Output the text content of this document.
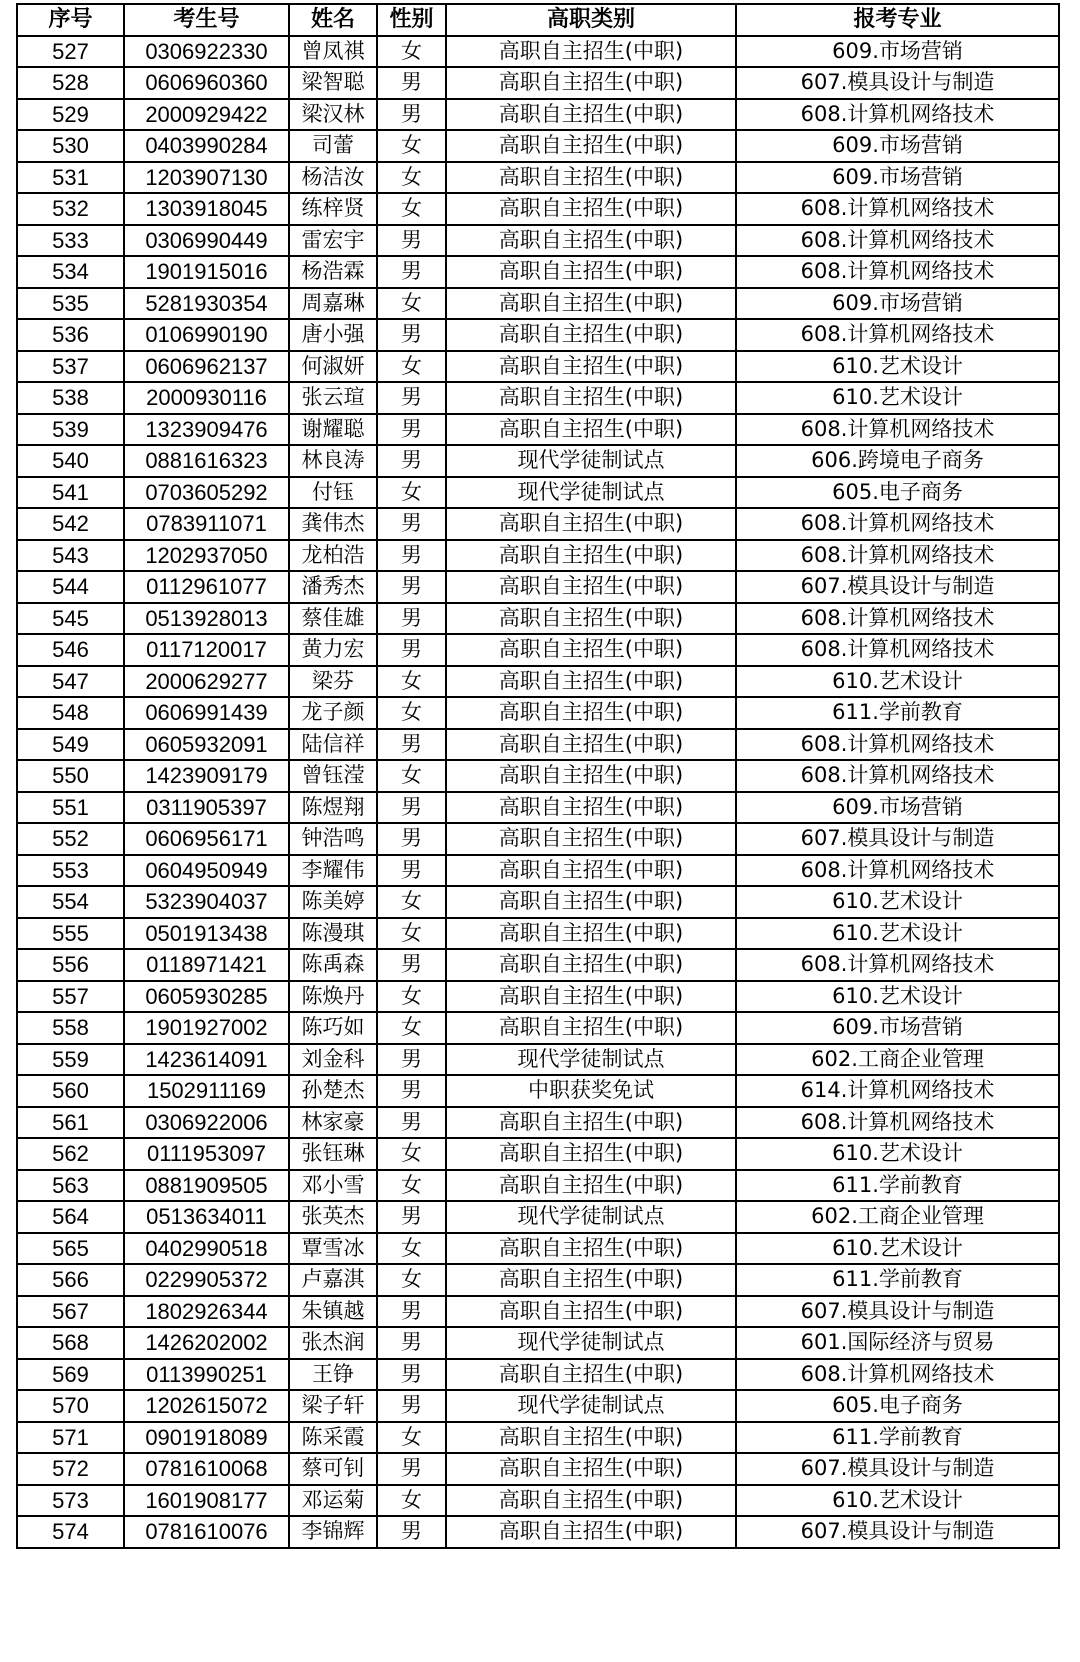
序号	考生号	姓名	性别	高职类别	报考专业
527	0306922330	曾凤祺	女	高职自主招生(中职)	609.市场营销
528	0606960360	梁智聪	男	高职自主招生(中职)	607.模具设计与制造
529	2000929422	梁汉林	男	高职自主招生(中职)	608.计算机网络技术
530	0403990284	司蕾	女	高职自主招生(中职)	609.市场营销
531	1203907130	杨洁汝	女	高职自主招生(中职)	609.市场营销
532	1303918045	练梓贤	女	高职自主招生(中职)	608.计算机网络技术
533	0306990449	雷宏宇	男	高职自主招生(中职)	608.计算机网络技术
534	1901915016	杨浩霖	男	高职自主招生(中职)	608.计算机网络技术
535	5281930354	周嘉琳	女	高职自主招生(中职)	609.市场营销
536	0106990190	唐小强	男	高职自主招生(中职)	608.计算机网络技术
537	0606962137	何淑妍	女	高职自主招生(中职)	610.艺术设计
538	2000930116	张云瑄	男	高职自主招生(中职)	610.艺术设计
539	1323909476	谢耀聪	男	高职自主招生(中职)	608.计算机网络技术
540	0881616323	林良涛	男	现代学徒制试点	606.跨境电子商务
541	0703605292	付钰	女	现代学徒制试点	605.电子商务
542	0783911071	龚伟杰	男	高职自主招生(中职)	608.计算机网络技术
543	1202937050	龙柏浩	男	高职自主招生(中职)	608.计算机网络技术
544	0112961077	潘秀杰	男	高职自主招生(中职)	607.模具设计与制造
545	0513928013	蔡佳雄	男	高职自主招生(中职)	608.计算机网络技术
546	0117120017	黄力宏	男	高职自主招生(中职)	608.计算机网络技术
547	2000629277	梁芬	女	高职自主招生(中职)	610.艺术设计
548	0606991439	龙子颜	女	高职自主招生(中职)	611.学前教育
549	0605932091	陆信祥	男	高职自主招生(中职)	608.计算机网络技术
550	1423909179	曾钰滢	女	高职自主招生(中职)	608.计算机网络技术
551	0311905397	陈煜翔	男	高职自主招生(中职)	609.市场营销
552	0606956171	钟浩鸣	男	高职自主招生(中职)	607.模具设计与制造
553	0604950949	李耀伟	男	高职自主招生(中职)	608.计算机网络技术
554	5323904037	陈美婷	女	高职自主招生(中职)	610.艺术设计
555	0501913438	陈漫琪	女	高职自主招生(中职)	610.艺术设计
556	0118971421	陈禹森	男	高职自主招生(中职)	608.计算机网络技术
557	0605930285	陈焕丹	女	高职自主招生(中职)	610.艺术设计
558	1901927002	陈巧如	女	高职自主招生(中职)	609.市场营销
559	1423614091	刘金科	男	现代学徒制试点	602.工商企业管理
560	1502911169	孙楚杰	男	中职获奖免试	614.计算机网络技术
561	0306922006	林家豪	男	高职自主招生(中职)	608.计算机网络技术
562	0111953097	张钰琳	女	高职自主招生(中职)	610.艺术设计
563	0881909505	邓小雪	女	高职自主招生(中职)	611.学前教育
564	0513634011	张英杰	男	现代学徒制试点	602.工商企业管理
565	0402990518	覃雪冰	女	高职自主招生(中职)	610.艺术设计
566	0229905372	卢嘉淇	女	高职自主招生(中职)	611.学前教育
567	1802926344	朱镇越	男	高职自主招生(中职)	607.模具设计与制造
568	1426202002	张杰润	男	现代学徒制试点	601.国际经济与贸易
569	0113990251	王铮	男	高职自主招生(中职)	608.计算机网络技术
570	1202615072	梁子轩	男	现代学徒制试点	605.电子商务
571	0901918089	陈采霞	女	高职自主招生(中职)	611.学前教育
572	0781610068	蔡可钊	男	高职自主招生(中职)	607.模具设计与制造
573	1601908177	邓运菊	女	高职自主招生(中职)	610.艺术设计
574	0781610076	李锦辉	男	高职自主招生(中职)	607.模具设计与制造
